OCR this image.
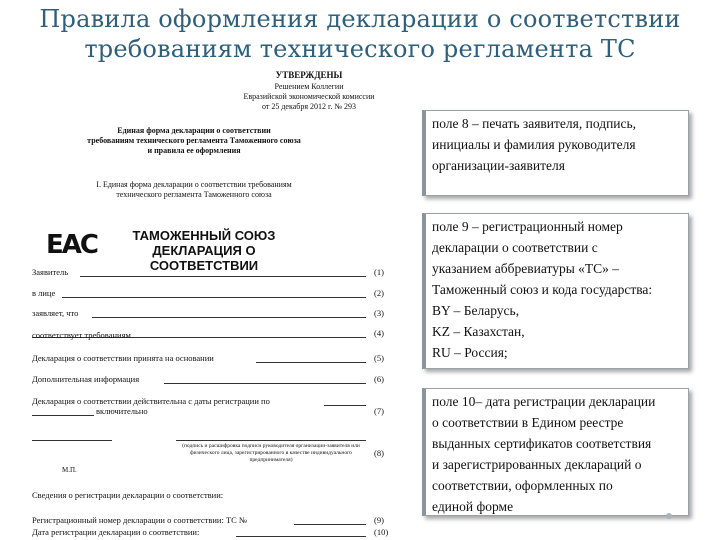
Правила оформления декларации о соответствии
требованиям технического регламента ТС
УТВЕРЖДЕНЫ
Решением Коллегии
Евразийской экономической комиссии
от 25 декабря 2012 г. № 293
Единая форма декларации о соответствии
требованиям технического регламента Таможенного союза
и правила ее оформления
I. Единая форма декларации о соответствии требованиям
технического регламента Таможенного союза
EAC	ТАМОЖЕННЫЙ СОЮЗ
ДЕКЛАРАЦИЯ О СООТВЕТСТВИИ
Заявитель	(1)
в лице	(2)
заявляет, что	(3)
соответствует требованиям	(4)
Декларация о соответствии принята на основании	(5)
Дополнительная информация	(6)
Декларация о соответствии действительна с даты регистрации по
включительно	(7)
(подпись и расшифровка подписи руководителя организации-заявителя или физического лица, зарегистрированного в качестве индивидуального предпринимателя)
(8)
М.П.
Сведения о регистрации декларации о соответствии:
Регистрационный номер декларации о соответствии: ТС №	(9)
Дата регистрации декларации о соответствии:	(10)

поле 8 – печать заявителя, подпись,
инициалы и фамилия руководителя
организации-заявителя

поле 9 – регистрационный номер
декларации о соответствии с
указанием аббревиатуры «ТС» –
Таможенный союз и кода государства:
BY – Беларусь,
KZ – Казахстан,
RU – Россия;

поле 10– дата регистрации декларации
о соответствии в Едином реестре
выданных сертификатов соответствия
и зарегистрированных деклараций о
соответствии, оформленных по
единой форме
